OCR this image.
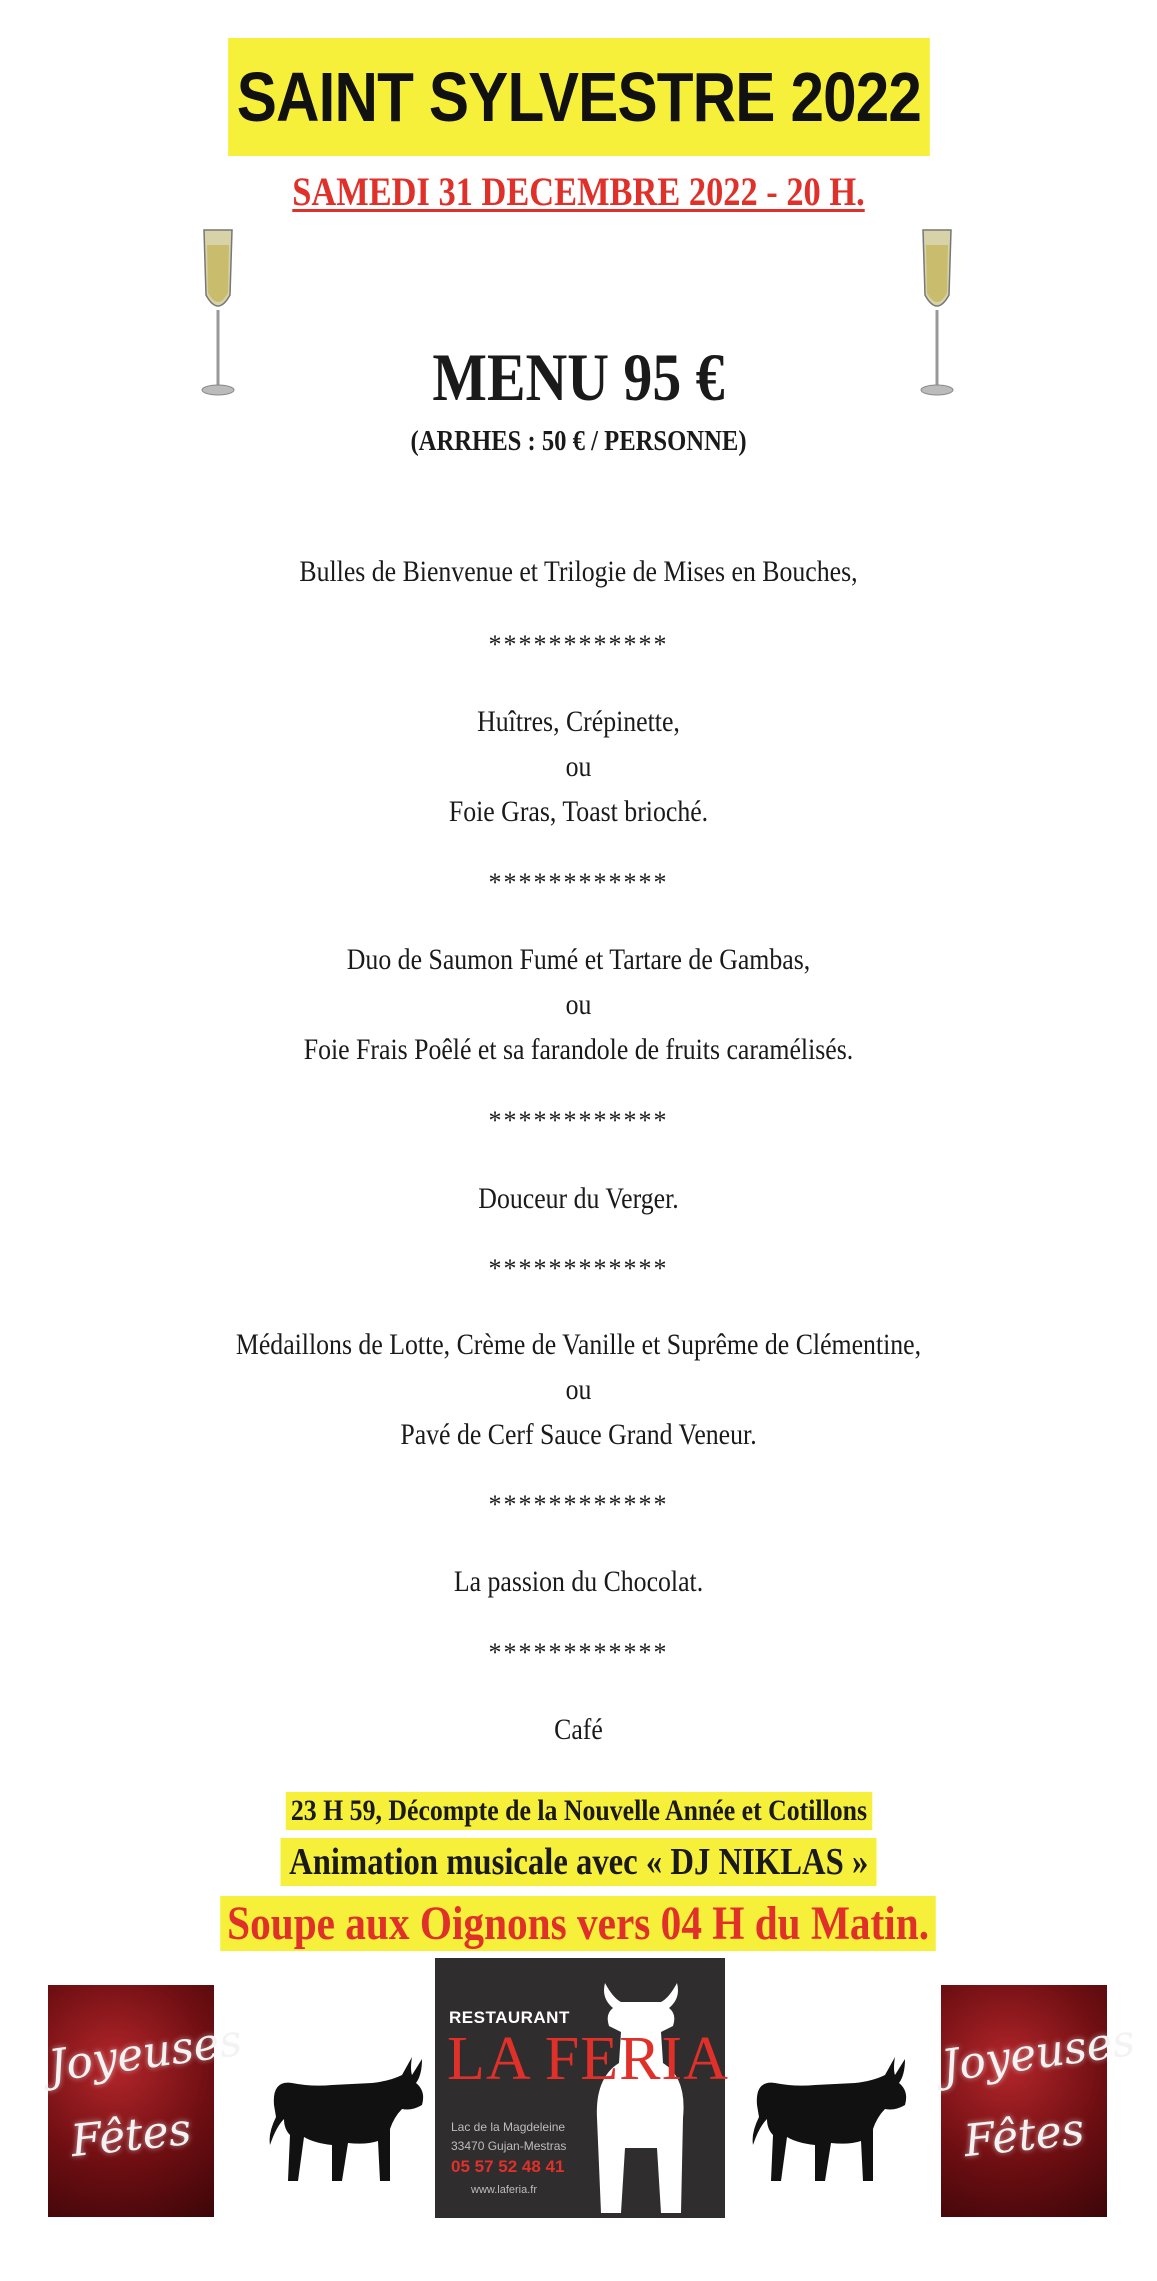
SAINT SYLVESTRE 2022
SAMEDI 31 DECEMBRE 2022 - 20 H.
MENU 95 €
(ARRHES : 50 € / PERSONNE)
Bulles de Bienvenue et Trilogie de Mises en Bouches,
************
Huîtres, Crépinette,
ou
Foie Gras, Toast brioché.
************
Duo de Saumon Fumé et Tartare de Gambas,
ou
Foie Frais Poêlé et sa farandole de fruits caramélisés.
************
Douceur du Verger.
************
Médaillons de Lotte, Crème de Vanille et Suprême de Clémentine,
ou
Pavé de Cerf Sauce Grand Veneur.
************
La passion du Chocolat.
************
Café
23 H 59, Décompte de la Nouvelle Année et Cotillons
Animation musicale avec « DJ NIKLAS »
Soupe aux Oignons vers 04 H du Matin.
Joyeuses
Fêtes
RESTAURANT
LA FERIA
Lac de la Magdeleine
33470 Gujan-Mestras
05 57 52 48 41
www.laferia.fr
Joyeuses
Fêtes
